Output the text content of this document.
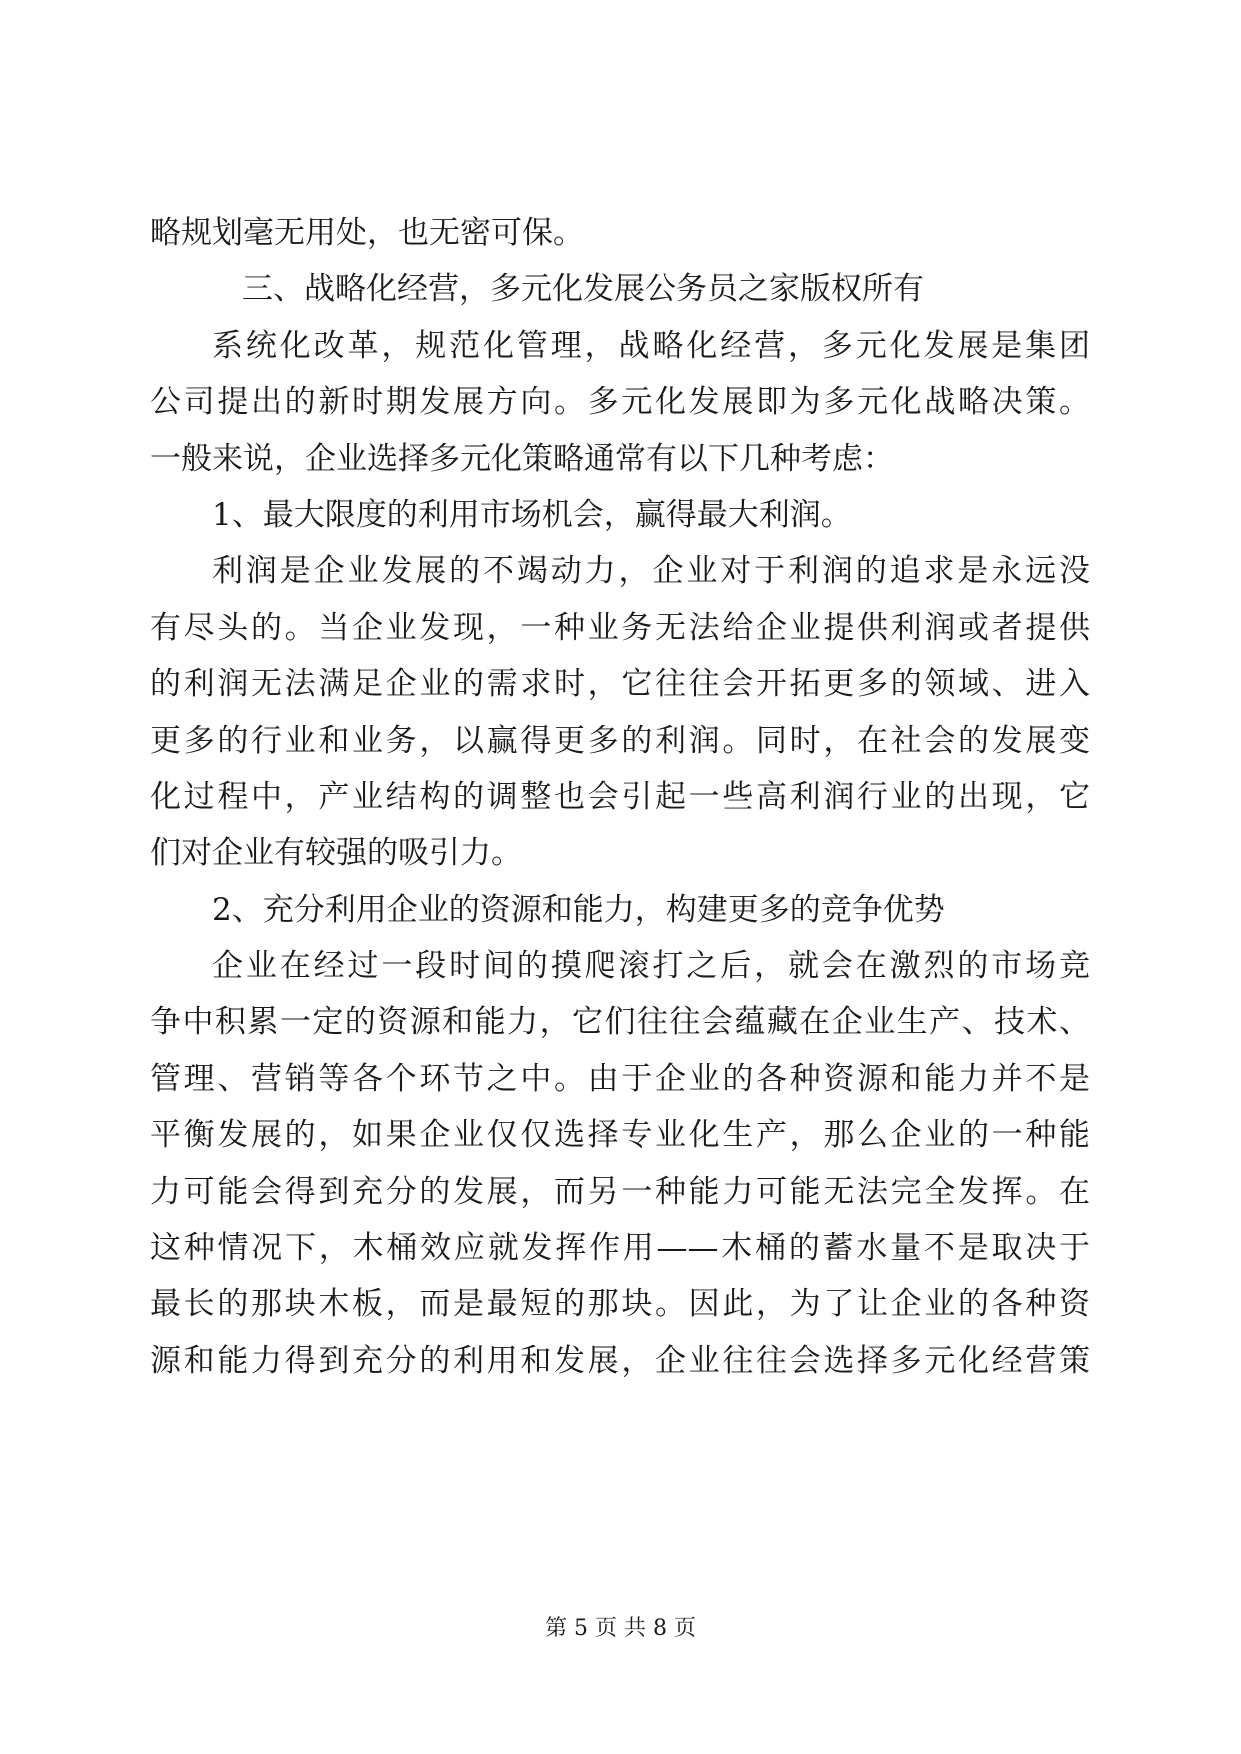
略规划毫无用处，也无密可保。
三、战略化经营，多元化发展公务员之家版权所有
系统化改革，规范化管理，战略化经营，多元化发展是集团
公司提出的新时期发展方向。多元化发展即为多元化战略决策。
一般来说，企业选择多元化策略通常有以下几种考虑：
1、最大限度的利用市场机会，赢得最大利润。
利润是企业发展的不竭动力，企业对于利润的追求是永远没
有尽头的。当企业发现，一种业务无法给企业提供利润或者提供
的利润无法满足企业的需求时，它往往会开拓更多的领域、进入
更多的行业和业务，以赢得更多的利润。同时，在社会的发展变
化过程中，产业结构的调整也会引起一些高利润行业的出现，它
们对企业有较强的吸引力。
2、充分利用企业的资源和能力，构建更多的竞争优势
企业在经过一段时间的摸爬滚打之后，就会在激烈的市场竞
争中积累一定的资源和能力，它们往往会蕴藏在企业生产、技术、
管理、营销等各个环节之中。由于企业的各种资源和能力并不是
平衡发展的，如果企业仅仅选择专业化生产，那么企业的一种能
力可能会得到充分的发展，而另一种能力可能无法完全发挥。在
这种情况下，木桶效应就发挥作用——木桶的蓄水量不是取决于
最长的那块木板，而是最短的那块。因此，为了让企业的各种资
源和能力得到充分的利用和发展，企业往往会选择多元化经营策
第 5 页 共 8 页
